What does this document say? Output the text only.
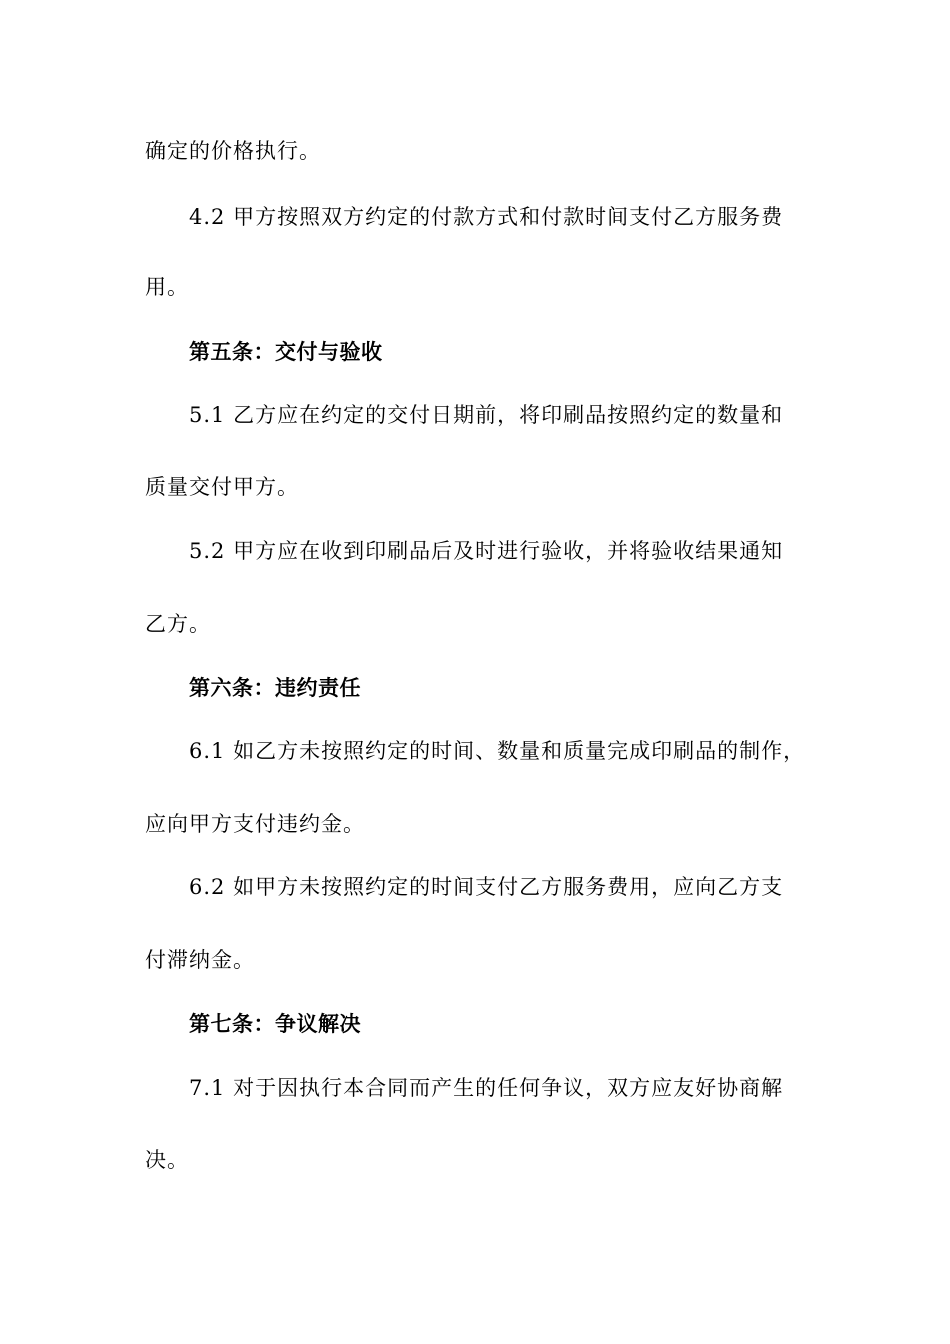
确定的价格执行。
4.2 甲方按照双方约定的付款方式和付款时间支付乙方服务费
用。
第五条：交付与验收
5.1 乙方应在约定的交付日期前，将印刷品按照约定的数量和
质量交付甲方。
5.2 甲方应在收到印刷品后及时进行验收，并将验收结果通知
乙方。
第六条：违约责任
6.1 如乙方未按照约定的时间、数量和质量完成印刷品的制作，
应向甲方支付违约金。
6.2 如甲方未按照约定的时间支付乙方服务费用，应向乙方支
付滞纳金。
第七条：争议解决
7.1 对于因执行本合同而产生的任何争议，双方应友好协商解
决。
